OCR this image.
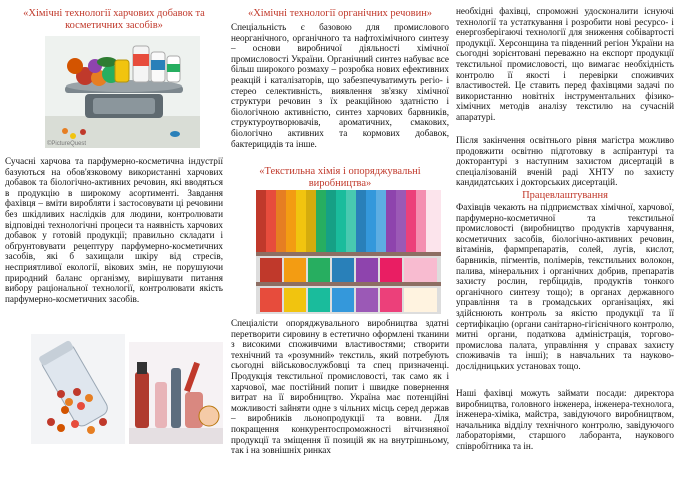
«Хімічні технології харчових добавок та косметичних засобів»
©PictureQuest
Сучасні харчова та парфумерно-косметична індустрії базуються на обов'язковому використанні харчових добавок та біологічно-активних речовин, які вводяться в продукцію в широкому асортименті. Завдання фахівця – вміти виробляти і застосовувати ці речовини без шкідливих наслідків для людини, контролювати відповідні технологічні процеси та наявність харчових добавок у готовій продукції; правильно складати і обґрунтовувати рецептуру парфумерно-косметичних засобів, які б захищали шкіру від стресів, несприятливої екології, вікових змін, не порушуючи природний баланс організму, вирішувати питання вибору раціональної технології, контролювати якість парфумерно-косметичних засобів.
«Хімічні технології органічних речовин»
Спеціальність є базовою для промислового неорганічного, органічного та нафтохімічного синтезу – основи виробничої діяльності хімічної промисловості України. Органічний синтез набуває все більш широкого розмаху – розробка нових ефективних реакцій і каталізаторів, що забезпечуватимуть регіо- і стерео селективність, виявлення зв'язку хімічної структури речовин з їх реакційною здатністю і біологічною активністю, синтез харчових барвників, структуроутворювачів, ароматичних, смакових, біологічно активних та кормових добавок, бактерицидів та інше.
«Текстильна хімія і опоряджувальні виробництва»
Спеціалісти опоряджувального виробництва здатні перетворити сировину в естетично оформлені тканини з високими споживчими властивостями; створити технічний та «розумний» текстиль, який потребують сьогодні військовослужбовці та спец призначенці. Продукція текстильної промисловості, так само як і харчової, має постійний попит і швидке повернення витрат на її виробництво. Україна має потенційні можливості зайняти одне з чільних місць серед держав – виробників льонопродукції та вовни. Для покращення конкурентоспроможності вітчизняної продукції та зміщення її позицій як на внутрішньому, так і на зовнішніх ринках
необхідні фахівці, спроможні удосконалити існуючі технології та устаткування і розробити нові ресурсо- і енергозберігаючі технології для зниження собівартості продукції. Херсонщина та південний регіон України на сьогодні зорієнтовані переважно на експорт продукції текстильної промисловості, що вимагає необхідність контролю її якості і перевірки споживчих властивостей. Це ставить перед фахівцями задачі по використанню новітніх інструментальних фізико-хімічних методів аналізу текстилю на сучасній апаратурі.
Після закінчення освітнього рівня магістра можливо продовжити освітню підготовку в аспірантурі та докторантурі з наступним захистом дисертацій в спеціалізованій вченій раді ХНТУ по захисту кандидатських і докторських дисертацій.
Працевлаштування
Фахівців чекають на підприємствах хімічної, харчової, парфумерно-косметичної та текстильної промисловості (виробництво продуктів харчування, косметичних засобів, біологічно-активних речовин, вітамінів, фармпрепаратів, солей, лугів, кислот, барвників, пігментів, полімерів, текстильних волокон, палива, мінеральних і органічних добрив, препаратів захисту рослин, гербіцидів, продуктів тонкого органічного синтезу тощо); в органах державного управління та в громадських організаціях, які здійснюють контроль за якістю продукції та її сертифікацію (органи санітарно-гігієнічного контролю, митні органи, податкова адміністрація, торгово-промислова палата, управління у справах захисту споживачів та інші); в навчальних та науково-дослідницьких установах тощо.
Наші фахівці можуть займати посади: директора виробництва, головного інженера, інженера-технолога, інженера-хіміка, майстра, завідуючого виробництвом, начальника відділу технічного контролю, завідуючого лабораторіями, старшого лаборанта, наукового співробітника та ін.
